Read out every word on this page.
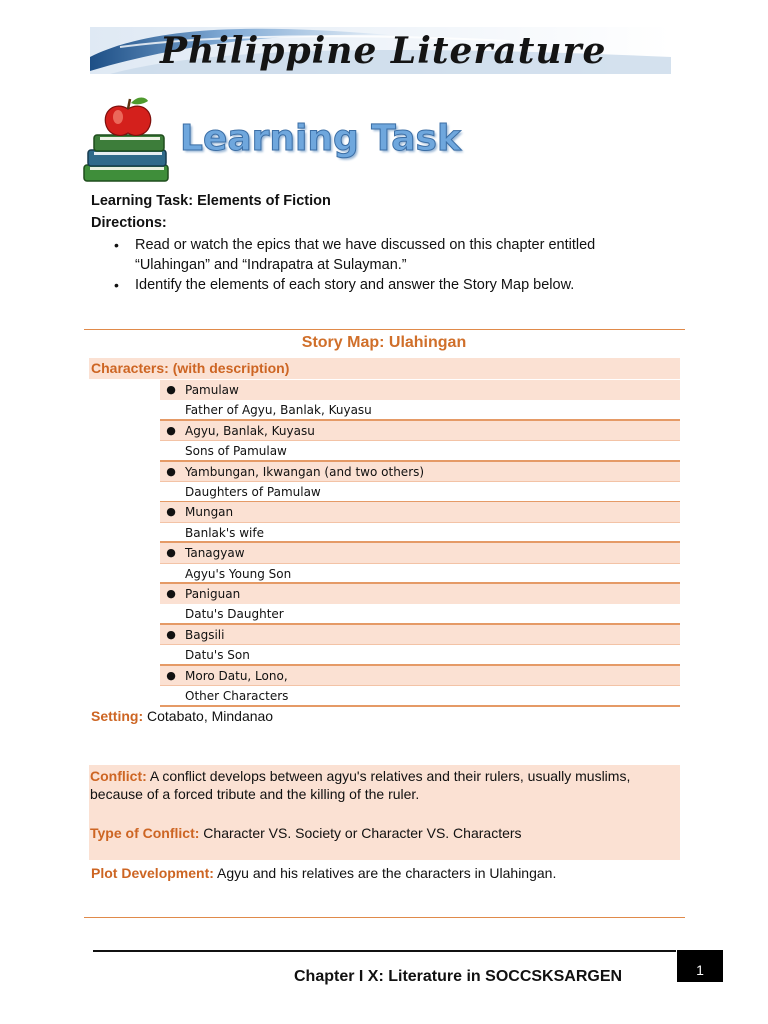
Philippine Literature
Learning Task
Learning Task: Elements of Fiction
Directions:
• Read or watch the epics that we have discussed on this chapter entitled
“Ulahingan” and “Indrapatra at Sulayman.”
• Identify the elements of each story and answer the Story Map below.
Story Map: Ulahingan
Characters: (with description)
● Pamulaw
Father of Agyu, Banlak, Kuyasu
● Agyu, Banlak, Kuyasu
Sons of Pamulaw
● Yambungan, Ikwangan (and two others)
Daughters of Pamulaw
● Mungan
Banlak's wife
● Tanagyaw
Agyu's Young Son
● Paniguan
Datu's Daughter
● Bagsili
Datu's Son
● Moro Datu, Lono,
Other Characters
Setting: Cotabato, Mindanao
Conflict: A conflict develops between agyu's relatives and their rulers, usually muslims,
because of a forced tribute and the killing of the ruler.
Type of Conflict: Character VS. Society or Character VS. Characters
Plot Development: Agyu and his relatives are the characters in Ulahingan.
Chapter I X: Literature in SOCCSKSARGEN	1
